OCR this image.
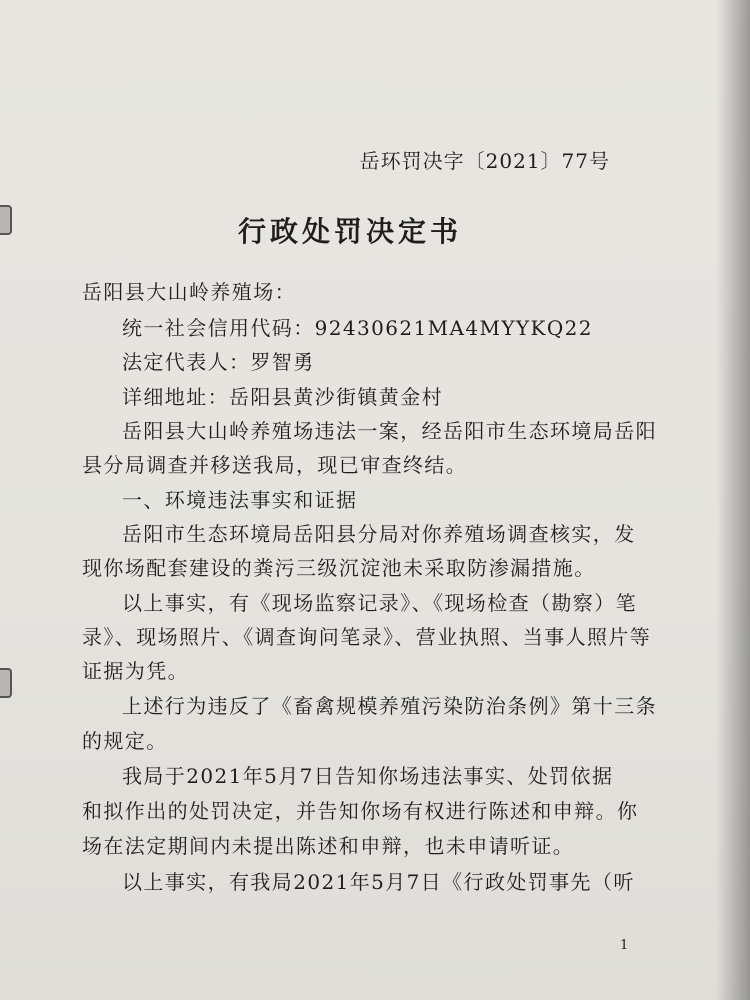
岳环罚决字〔2021〕77号
行政处罚决定书
岳阳县大山岭养殖场：
统一社会信用代码：92430621MA4MYYKQ22
法定代表人：罗智勇
详细地址：岳阳县黄沙街镇黄金村
岳阳县大山岭养殖场违法一案，经岳阳市生态环境局岳阳
县分局调查并移送我局，现已审查终结。
一、环境违法事实和证据
岳阳市生态环境局岳阳县分局对你养殖场调查核实，发
现你场配套建设的粪污三级沉淀池未采取防渗漏措施。
以上事实，有《现场监察记录》、《现场检查（勘察）笔
录》、现场照片、《调查询问笔录》、营业执照、当事人照片等
证据为凭。
上述行为违反了《畜禽规模养殖污染防治条例》第十三条
的规定。
我局于2021年5月7日告知你场违法事实、处罚依据
和拟作出的处罚决定，并告知你场有权进行陈述和申辩。你
场在法定期间内未提出陈述和申辩，也未申请听证。
以上事实，有我局2021年5月7日《行政处罚事先（听
1
